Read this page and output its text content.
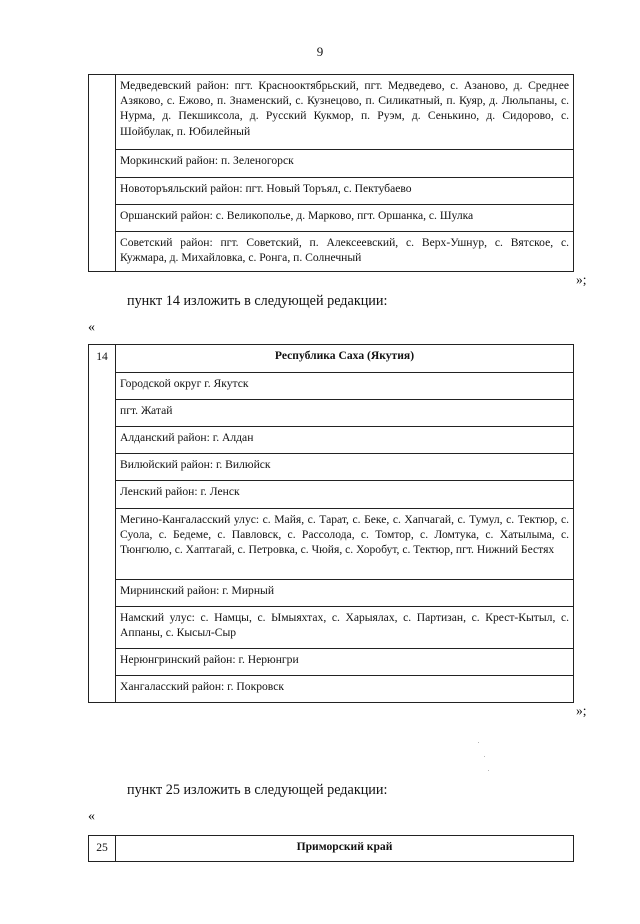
9
	Медведевский район: пгт. Краснооктябрьский, пгт. Медведево, с. Азаново, д. Среднее Азяково, с. Ежово, п. Знаменский, с. Кузнецово, п. Силикатный, п. Куяр, д. Люльпаны, с. Нурма, д. Пекшиксола, д. Русский Кукмор, п. Руэм, д. Сенькино, д. Сидорово, с. Шойбулак, п. Юбилейный
Моркинский район: п. Зеленогорск
Новоторъяльский район: пгт. Новый Торъял, с. Пектубаево
Оршанский район: с. Великополье, д. Марково, пгт. Оршанка, с. Шулка
Советский район: пгт. Советский, п. Алексеевский, с. Верх-Ушнур, с. Вятское, с. Кужмара, д. Михайловка, с. Ронга, п. Солнечный
»;
пункт 14 изложить в следующей редакции:
«
14	Республика Саха (Якутия)
Городской округ г. Якутск
пгт. Жатай
Алданский район: г. Алдан
Вилюйский район: г. Вилюйск
Ленский район: г. Ленск
Мегино-Кангаласский улус: с. Майя, с. Тарат, с. Беке, с. Хапчагай, с. Тумул, с. Тектюр, с. Суола, с. Бедеме, с. Павловск, с. Рассолода, с. Томтор, с. Ломтука, с. Хатылыма, с. Тюнгюлю, с. Хаптагай, с. Петровка, с. Чюйя, с. Хоробут, с. Тектюр, пгт. Нижний Бестях
Мирнинский район: г. Мирный
Намский улус: с. Намцы, с. Ымыяхтах, с. Харыялах, с. Партизан, с. Крест-Кытыл, с. Аппаны, с. Кысыл-Сыр
Нерюнгринский район: г. Нерюнгри
Хангаласский район: г. Покровск
»;
пункт 25 изложить в следующей редакции:
«
25	Приморский край
